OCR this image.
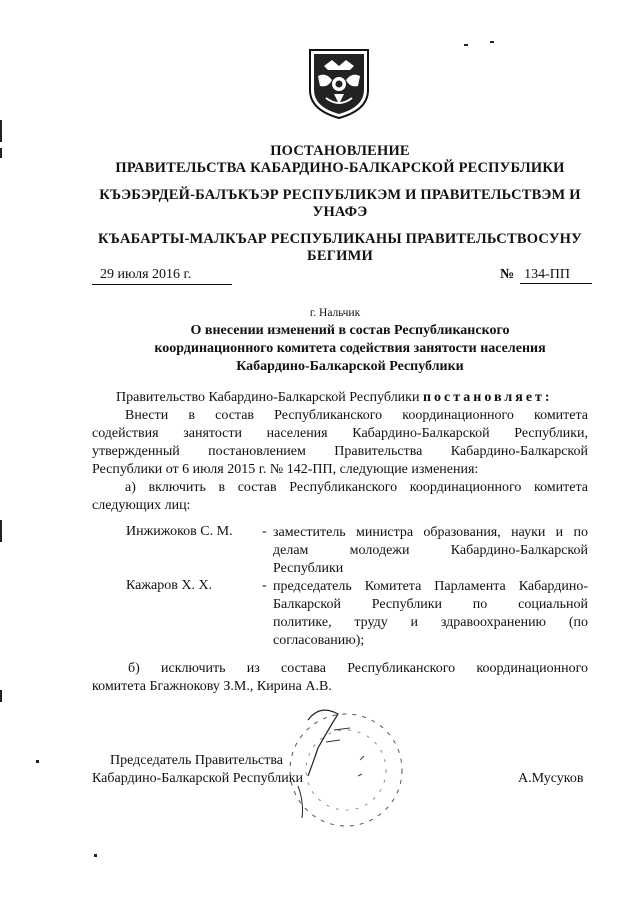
ПОСТАНОВЛЕНИЕ
ПРАВИТЕЛЬСТВА КАБАРДИНО-БАЛКАРСКОЙ РЕСПУБЛИКИ
КЪЭБЭРДЕЙ-БАЛЪКЪЭР РЕСПУБЛИКЭМ И ПРАВИТЕЛЬСТВЭМ И
УНАФЭ
КЪАБАРТЫ-МАЛКЪАР РЕСПУБЛИКАНЫ ПРАВИТЕЛЬСТВОСУНУ
БЕГИМИ
29 июля 2016 г.	№ 134-ПП
г. Нальчик
О внесении изменений в состав Республиканского
координационного комитета содействия занятости населения
Кабардино-Балкарской Республики
Правительство Кабардино-Балкарской Республики постановляет:
Внести в состав Республиканского координационного комитета
содействия занятости населения Кабардино-Балкарской Республики,
утвержденный постановлением Правительства Кабардино-Балкарской
Республики от 6 июля 2015 г. № 142-ПП, следующие изменения:
а) включить в состав Республиканского координационного комитета
следующих лиц:
Инжижоков С. М. - заместитель министра образования, науки и по
делам молодежи Кабардино-Балкарской
Республики
Кажаров Х. Х.	- председатель Комитета Парламента Кабардино-
Балкарской Республики по социальной
политике, труду и здравоохранению (по
согласованию);
б) исключить из состава Республиканского координационного
комитета Бгажнокову З.М., Кирина А.В.
Председатель Правительства
Кабардино-Балкарской Республики	А.Мусуков
